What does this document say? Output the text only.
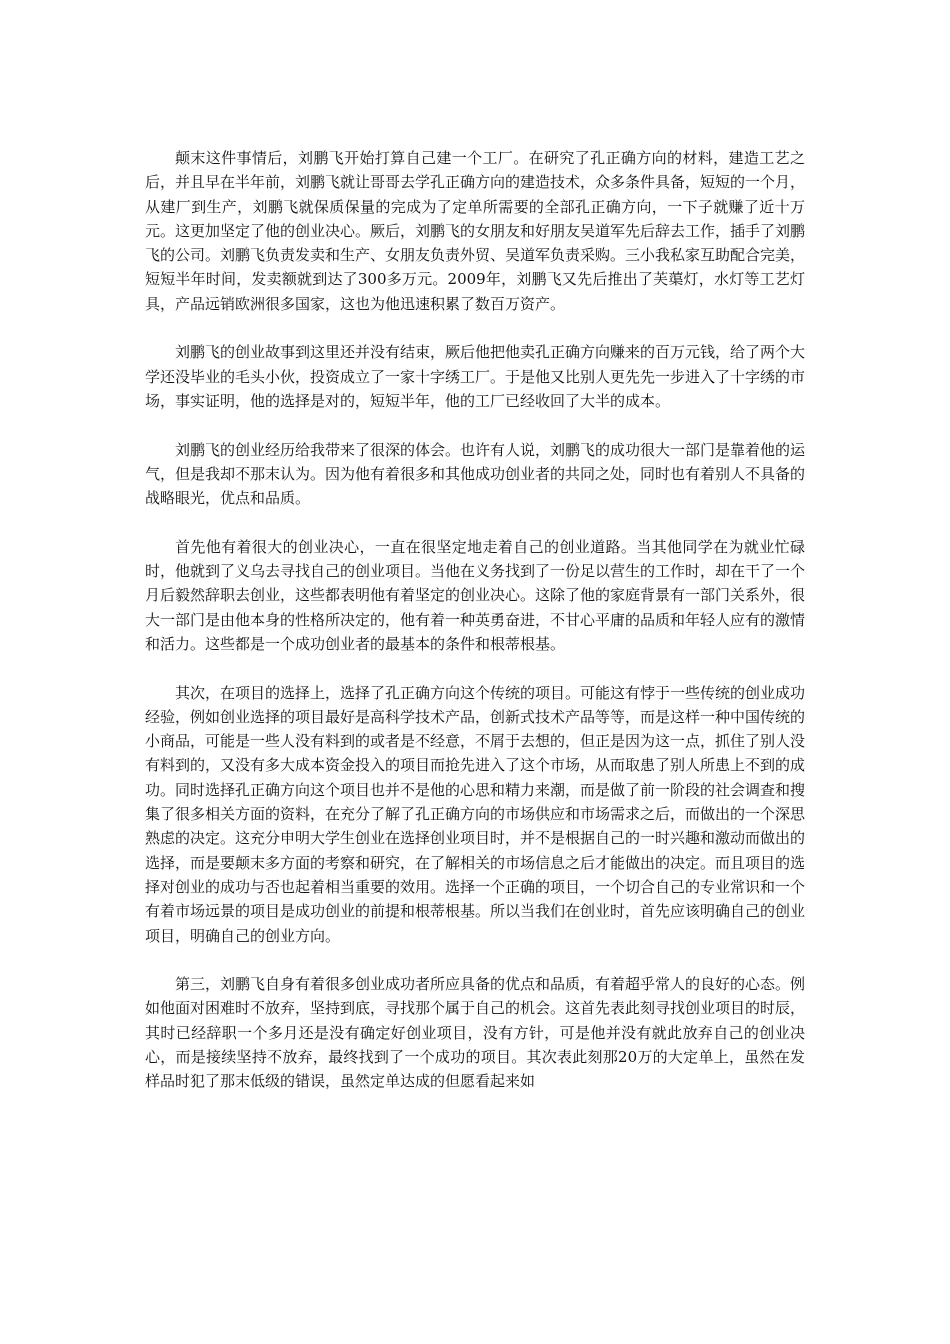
颠末这件事情后，刘鹏飞开始打算自己建一个工厂。在研究了孔正确方向的材料，建造工艺之后，并且早在半年前，刘鹏飞就让哥哥去学孔正确方向的建造技术，众多条件具备，短短的一个月，从建厂到生产，刘鹏飞就保质保量的完成为了定单所需要的全部孔正确方向，一下子就赚了近十万元。这更加坚定了他的创业决心。厥后，刘鹏飞的女朋友和好朋友吴道军先后辞去工作，插手了刘鹏飞的公司。刘鹏飞负责发卖和生产、女朋友负责外贸、吴道军负责采购。三小我私家互助配合完美，短短半年时间，发卖额就到达了300多万元。2009年，刘鹏飞又先后推出了芙蕖灯，水灯等工艺灯具，产品远销欧洲很多国家，这也为他迅速积累了数百万资产。

刘鹏飞的创业故事到这里还并没有结束，厥后他把他卖孔正确方向赚来的百万元钱，给了两个大学还没毕业的毛头小伙，投资成立了一家十字绣工厂。于是他又比别人更先先一步进入了十字绣的市场，事实证明，他的选择是对的，短短半年，他的工厂已经收回了大半的成本。

刘鹏飞的创业经历给我带来了很深的体会。也许有人说，刘鹏飞的成功很大一部门是靠着他的运气，但是我却不那末认为。因为他有着很多和其他成功创业者的共同之处，同时也有着别人不具备的战略眼光，优点和品质。

首先他有着很大的创业决心，一直在很坚定地走着自己的创业道路。当其他同学在为就业忙碌时，他就到了义乌去寻找自己的创业项目。当他在义务找到了一份足以营生的工作时，却在干了一个月后毅然辞职去创业，这些都表明他有着坚定的创业决心。这除了他的家庭背景有一部门关系外，很大一部门是由他本身的性格所决定的，他有着一种英勇奋进，不甘心平庸的品质和年轻人应有的激情和活力。这些都是一个成功创业者的最基本的条件和根蒂根基。

其次，在项目的选择上，选择了孔正确方向这个传统的项目。可能这有悖于一些传统的创业成功经验，例如创业选择的项目最好是高科学技术产品，创新式技术产品等等，而是这样一种中国传统的小商品，可能是一些人没有料到的或者是不经意，不屑于去想的，但正是因为这一点，抓住了别人没有料到的，又没有多大成本资金投入的项目而抢先进入了这个市场，从而取患了别人所患上不到的成功。同时选择孔正确方向这个项目也并不是他的心思和精力来潮，而是做了前一阶段的社会调查和搜集了很多相关方面的资料，在充分了解了孔正确方向的市场供应和市场需求之后，而做出的一个深思熟虑的决定。这充分申明大学生创业在选择创业项目时，并不是根据自己的一时兴趣和激动而做出的选择，而是要颠末多方面的考察和研究，在了解相关的市场信息之后才能做出的决定。而且项目的选择对创业的成功与否也起着相当重要的效用。选择一个正确的项目，一个切合自己的专业常识和一个有着市场远景的项目是成功创业的前提和根蒂根基。所以当我们在创业时，首先应该明确自己的创业项目，明确自己的创业方向。

第三，刘鹏飞自身有着很多创业成功者所应具备的优点和品质，有着超乎常人的良好的心态。例如他面对困难时不放弃，坚持到底，寻找那个属于自己的机会。这首先表此刻寻找创业项目的时辰，其时已经辞职一个多月还是没有确定好创业项目，没有方针，可是他并没有就此放弃自己的创业决心，而是接续坚持不放弃，最终找到了一个成功的项目。其次表此刻那20万的大定单上，虽然在发样品时犯了那末低级的错误，虽然定单达成的但愿看起来如
